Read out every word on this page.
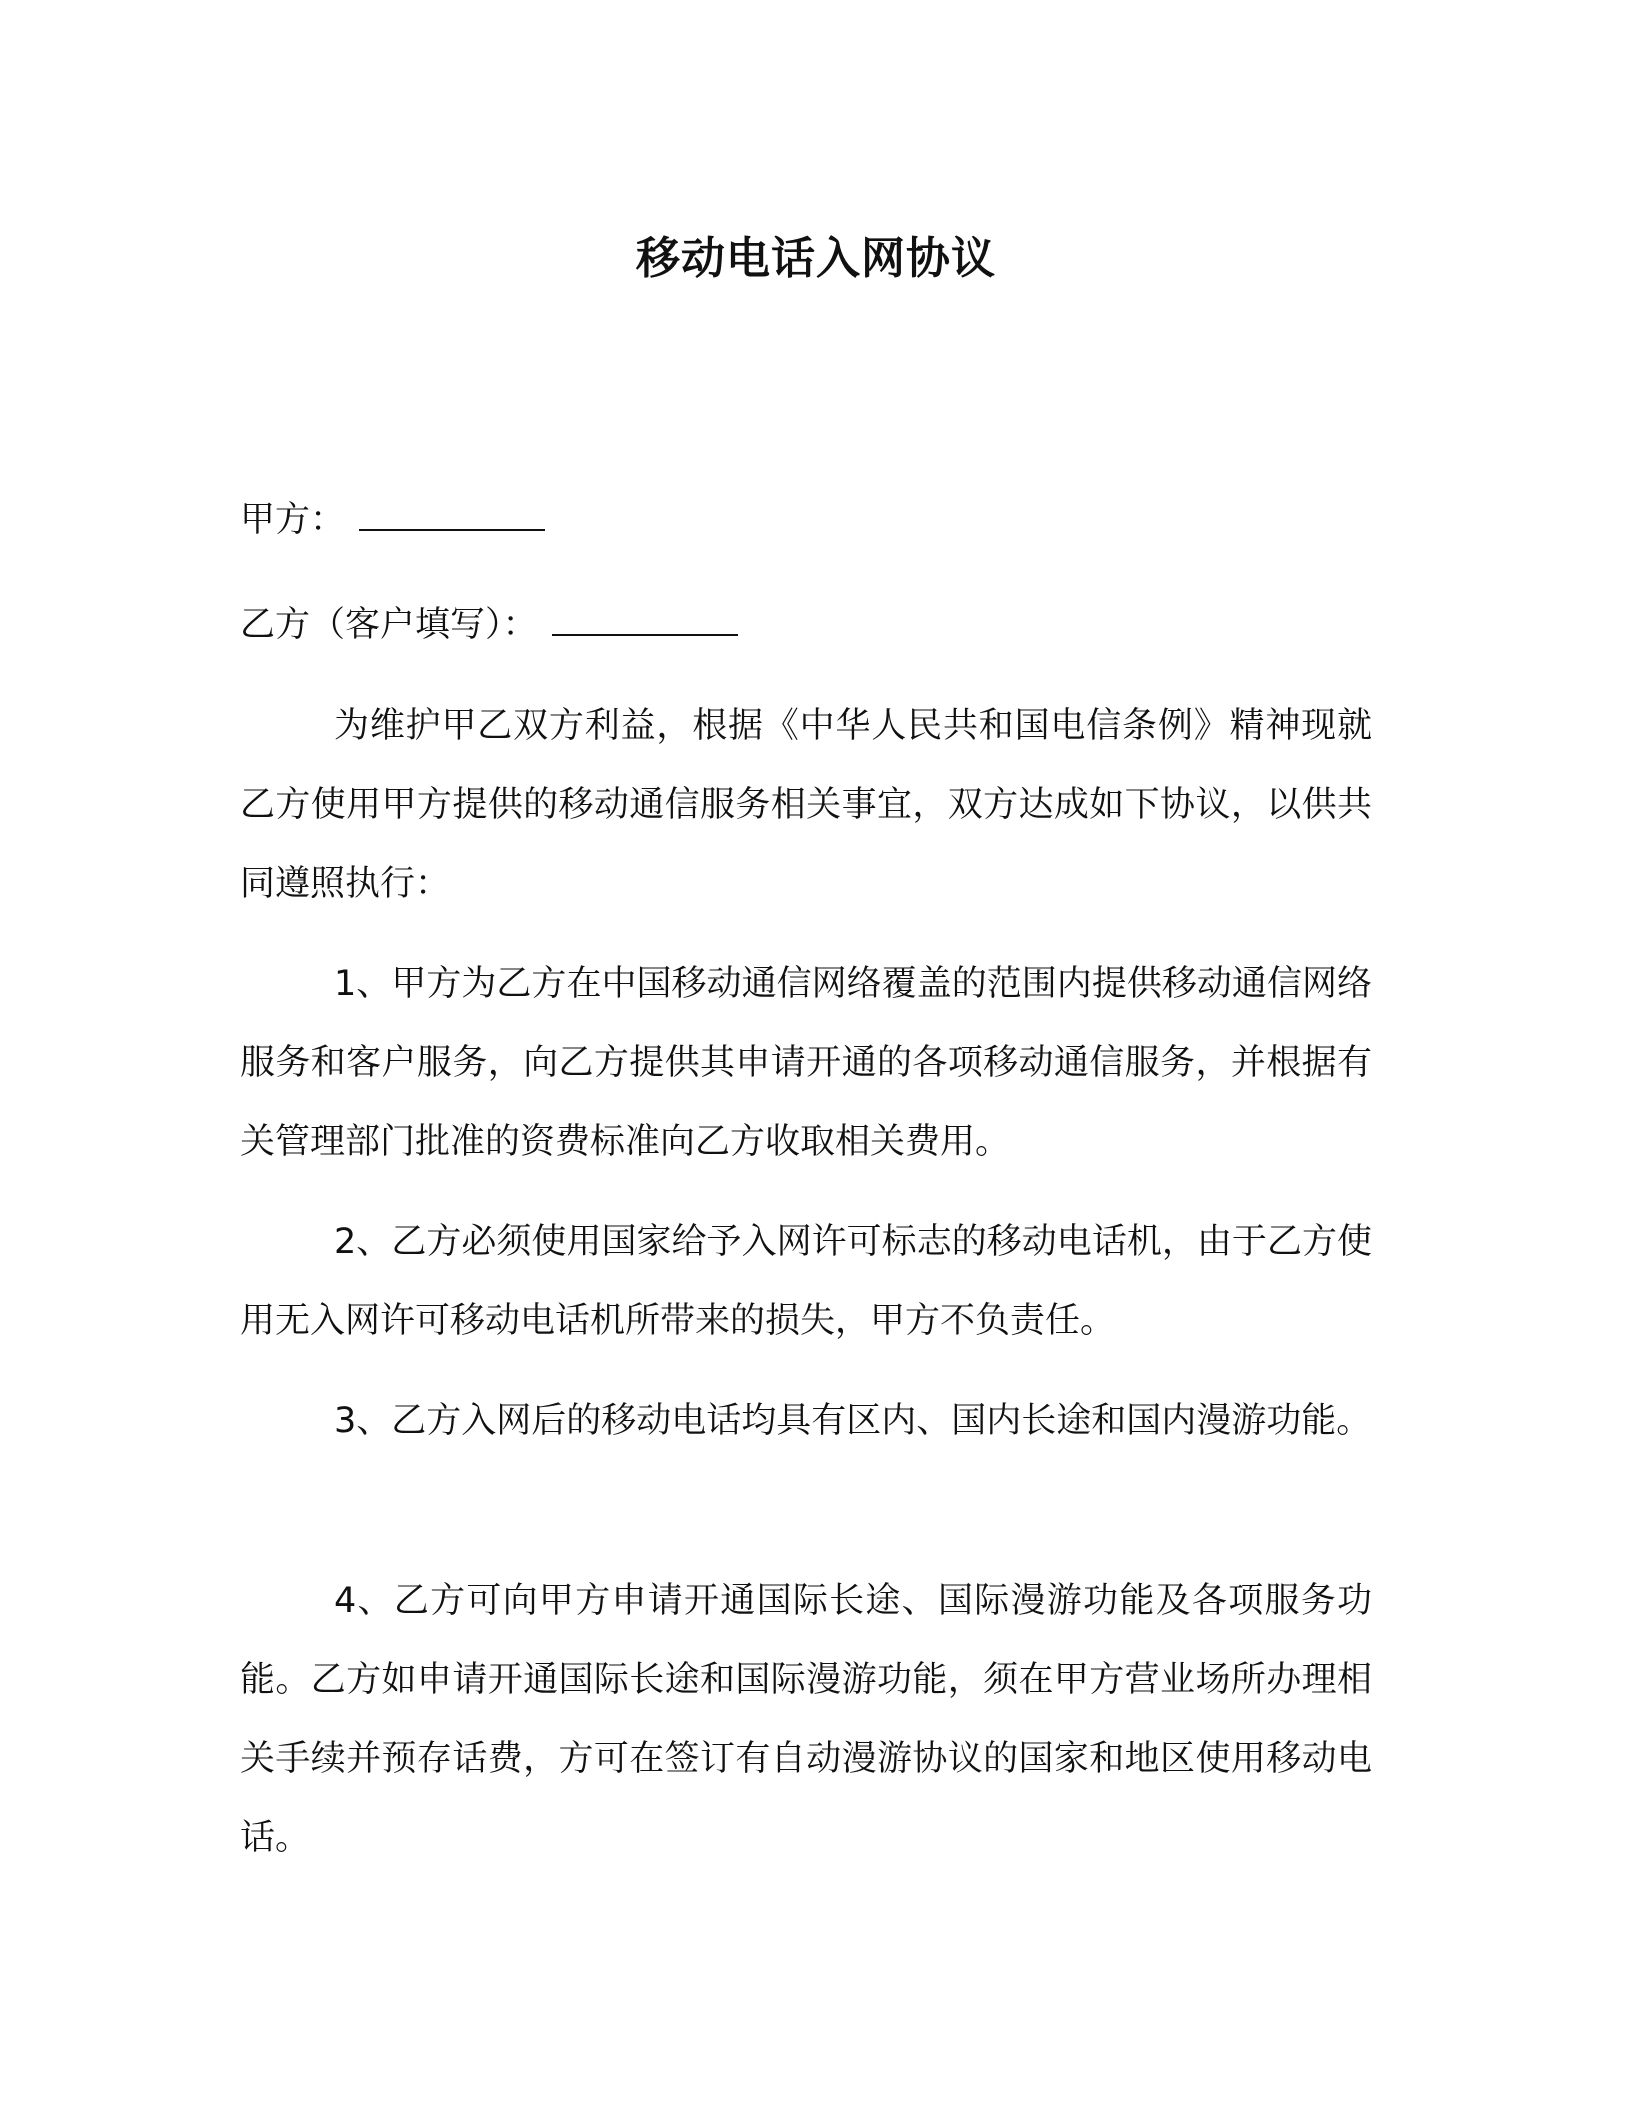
移动电话入网协议
甲方：
乙方（客户填写）：
为维护甲乙双方利益，根据《中华人民共和国电信条例》精神现就乙方使用甲方提供的移动通信服务相关事宜，双方达成如下协议，以供共同遵照执行：
1、甲方为乙方在中国移动通信网络覆盖的范围内提供移动通信网络服务和客户服务，向乙方提供其申请开通的各项移动通信服务，并根据有关管理部门批准的资费标准向乙方收取相关费用。
2、乙方必须使用国家给予入网许可标志的移动电话机，由于乙方使用无入网许可移动电话机所带来的损失，甲方不负责任。
3、乙方入网后的移动电话均具有区内、国内长途和国内漫游功能。
4、乙方可向甲方申请开通国际长途、国际漫游功能及各项服务功能。乙方如申请开通国际长途和国际漫游功能，须在甲方营业场所办理相关手续并预存话费，方可在签订有自动漫游协议的国家和地区使用移动电话。
